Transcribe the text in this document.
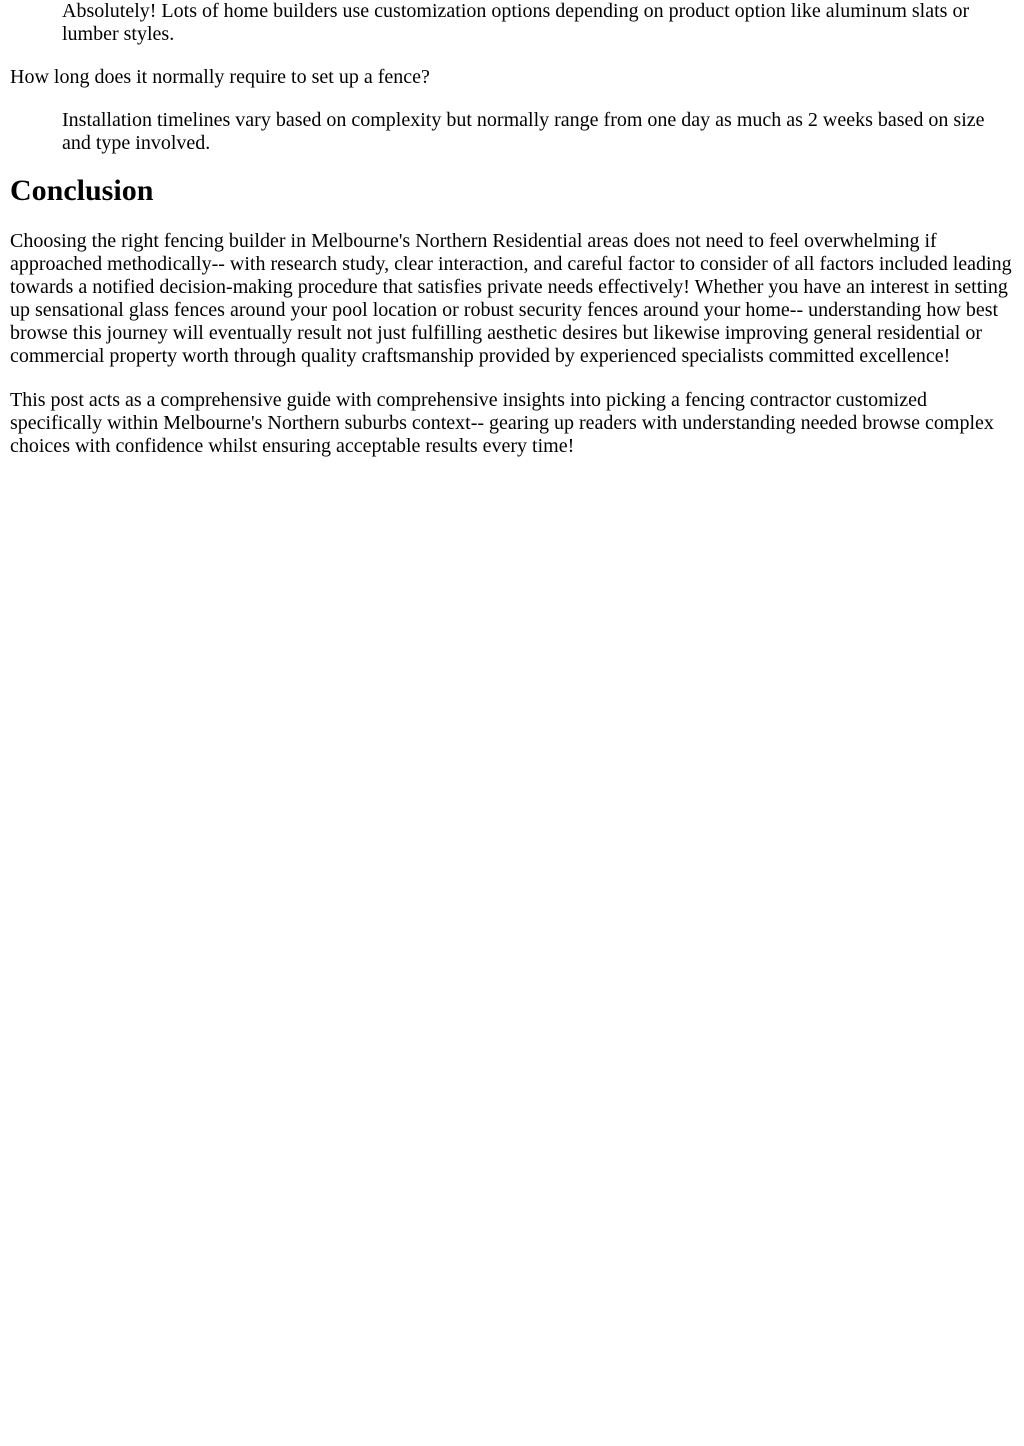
Absolutely! Lots of home builders use customization options depending on product option like aluminum slats or lumber styles.

How long does it normally require to set up a fence?

Installation timelines vary based on complexity but normally range from one day as much as 2 weeks based on size and type involved.

Conclusion

Choosing the right fencing builder in Melbourne's Northern Residential areas does not need to feel overwhelming if approached methodically-- with research study, clear interaction, and careful factor to consider of all factors included leading towards a notified decision-making procedure that satisfies private needs effectively! Whether you have an interest in setting up sensational glass fences around your pool location or robust security fences around your home-- understanding how best browse this journey will eventually result not just fulfilling aesthetic desires but likewise improving general residential or commercial property worth through quality craftsmanship provided by experienced specialists committed excellence!

This post acts as a comprehensive guide with comprehensive insights into picking a fencing contractor customized specifically within Melbourne's Northern suburbs context-- gearing up readers with understanding needed browse complex choices with confidence whilst ensuring acceptable results every time!
